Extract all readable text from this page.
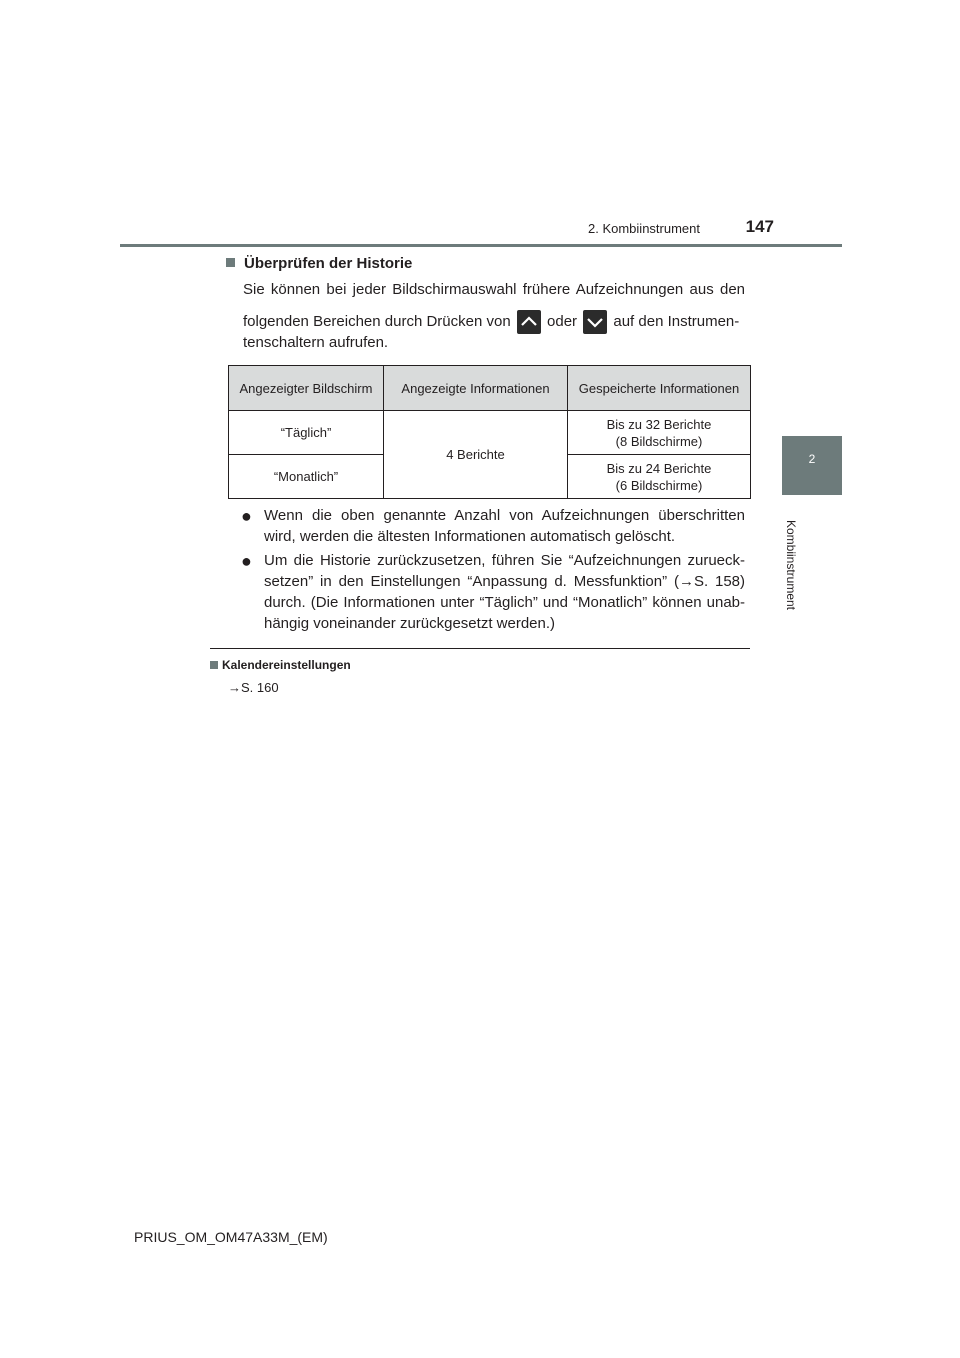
2. Kombiinstrument	147
2
Kombiinstrument
Überprüfen der Historie
Sie können bei jeder Bildschirmauswahl frühere Aufzeichnungen aus den
folgenden Bereichen durch Drücken von
oder
auf den Instrumen-
tenschaltern aufrufen.
Angezeigter Bildschirm	Angezeigte Informationen	Gespeicherte Informationen
“Täglich”	4 Berichte	Bis zu 32 Berichte
(8 Bildschirme)

“Monatlich”		Bis zu 24 Berichte
(6 Bildschirme)
● Wenn die oben genannte Anzahl von Aufzeichnungen überschritten
wird, werden die ältesten Informationen automatisch gelöscht.
● Um die Historie zurückzusetzen, führen Sie “Aufzeichnungen zurueck-
setzen” in den Einstellungen “Anpassung d. Messfunktion” (→S. 158)
durch. (Die Informationen unter “Täglich” und “Monatlich” können unab-
hängig voneinander zurückgesetzt werden.)
Kalendereinstellungen
→S. 160
PRIUS_OM_OM47A33M_(EM)
